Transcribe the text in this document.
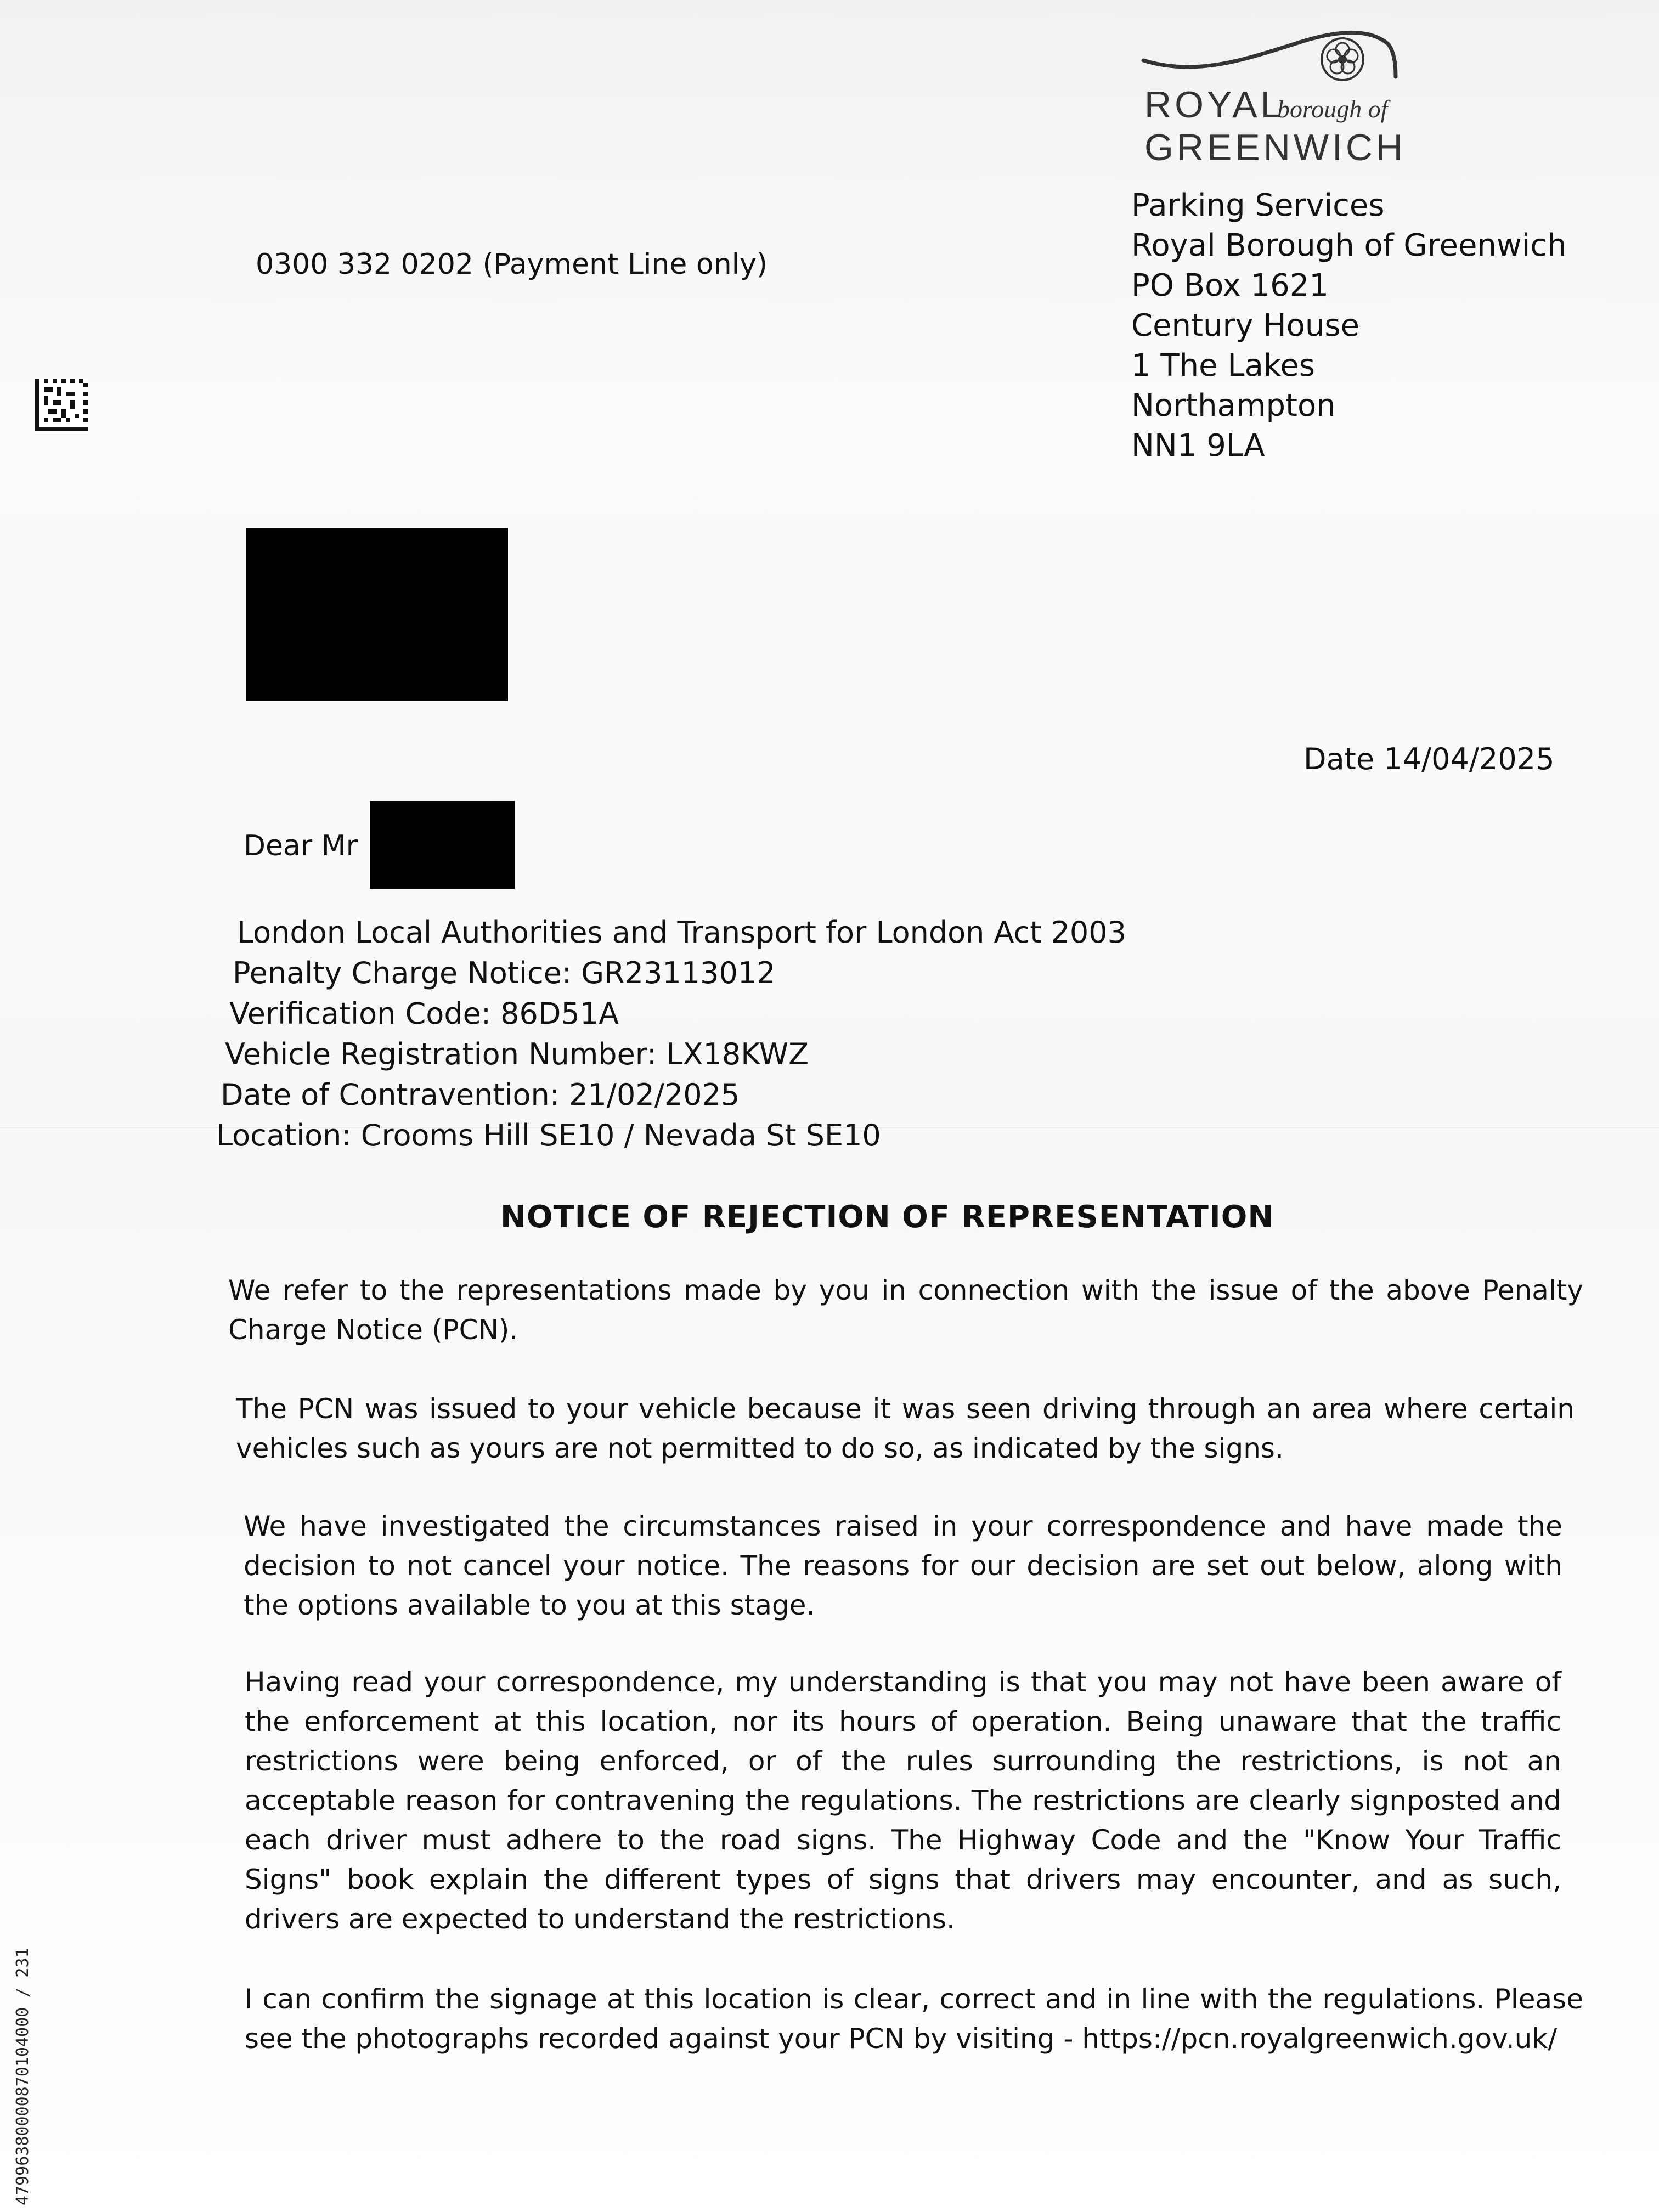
ROYAL
borough of
GREENWICH
Parking Services
Royal Borough of Greenwich
PO Box 1621
Century House
1 The Lakes
Northampton
NN1 9LA
0300 332 0202 (Payment Line only)
Date 14/04/2025
Dear Mr
London Local Authorities and Transport for London Act 2003
Penalty Charge Notice: GR23113012
Verification Code: 86D51A
Vehicle Registration Number: LX18KWZ
Date of Contravention: 21/02/2025
Location: Crooms Hill SE10 / Nevada St SE10
NOTICE OF REJECTION OF REPRESENTATION
We refer to the representations made by you in connection with the issue of the above Penalty Charge Notice (PCN).
The PCN was issued to your vehicle because it was seen driving through an area where certain vehicles such as yours are not permitted to do so, as indicated by the signs.
We have investigated the circumstances raised in your correspondence and have made the decision to not cancel your notice. The reasons for our decision are set out below, along with the options available to you at this stage.
Having read your correspondence, my understanding is that you may not have been aware of the enforcement at this location, nor its hours of operation. Being unaware that the traffic restrictions were being enforced, or of the rules surrounding the restrictions, is not an acceptable reason for contravening the regulations. The restrictions are clearly signposted and each driver must adhere to the road signs. The Highway Code and the "Know Your Traffic Signs" book explain the different types of signs that drivers may encounter, and as such, drivers are expected to understand the restrictions.
I can confirm the signage at this location is clear, correct and in line with the regulations. Please see the photographs recorded against your PCN by visiting - https://pcn.royalgreenwich.gov.uk/
47996380000870104000 / 231
